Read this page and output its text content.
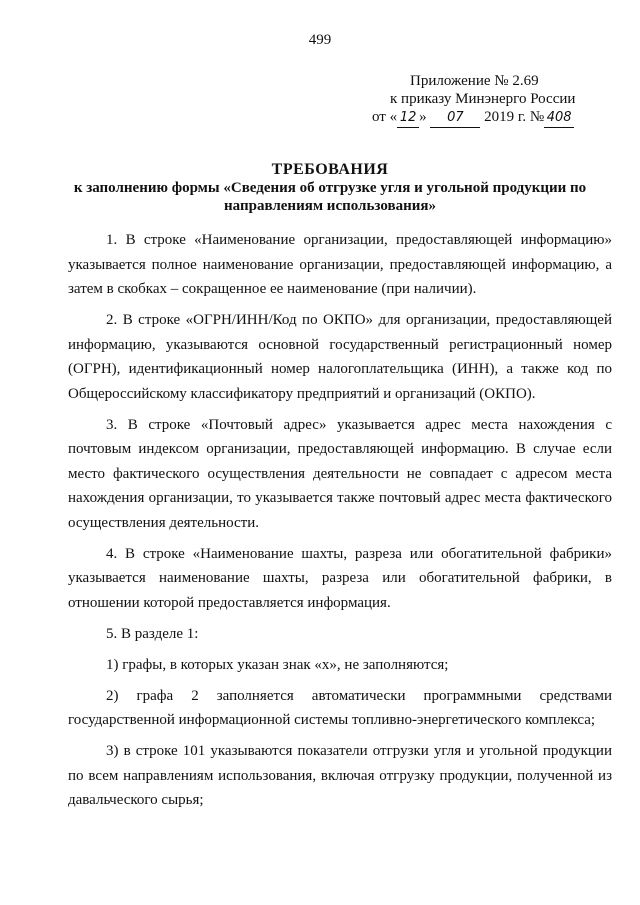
499
Приложение № 2.69
к приказу Минэнерго России
от « 12 » 07 2019 г. № 408
ТРЕБОВАНИЯ
к заполнению формы «Сведения об отгрузке угля и угольной продукции по
направлениям использования»

1. В строке «Наименование организации, предоставляющей информацию» указывается полное наименование организации, предоставляющей информацию, а затем в скобках – сокращенное ее наименование (при наличии).

2. В строке «ОГРН/ИНН/Код по ОКПО» для организации, предоставляющей информацию, указываются основной государственный регистрационный номер (ОГРН), идентификационный номер налогоплательщика (ИНН), а также код по Общероссийскому классификатору предприятий и организаций (ОКПО).

3. В строке «Почтовый адрес» указывается адрес места нахождения с почтовым индексом организации, предоставляющей информацию. В случае если место фактического осуществления деятельности не совпадает с адресом места нахождения организации, то указывается также почтовый адрес места фактического осуществления деятельности.

4. В строке «Наименование шахты, разреза или обогатительной фабрики» указывается наименование шахты, разреза или обогатительной фабрики, в отношении которой предоставляется информация.

5. В разделе 1:

1) графы, в которых указан знак «x», не заполняются;

2) графа 2 заполняется автоматически программными средствами государственной информационной системы топливно-энергетического комплекса;

3) в строке 101 указываются показатели отгрузки угля и угольной продукции по всем направлениям использования, включая отгрузку продукции, полученной из давальческого сырья;
